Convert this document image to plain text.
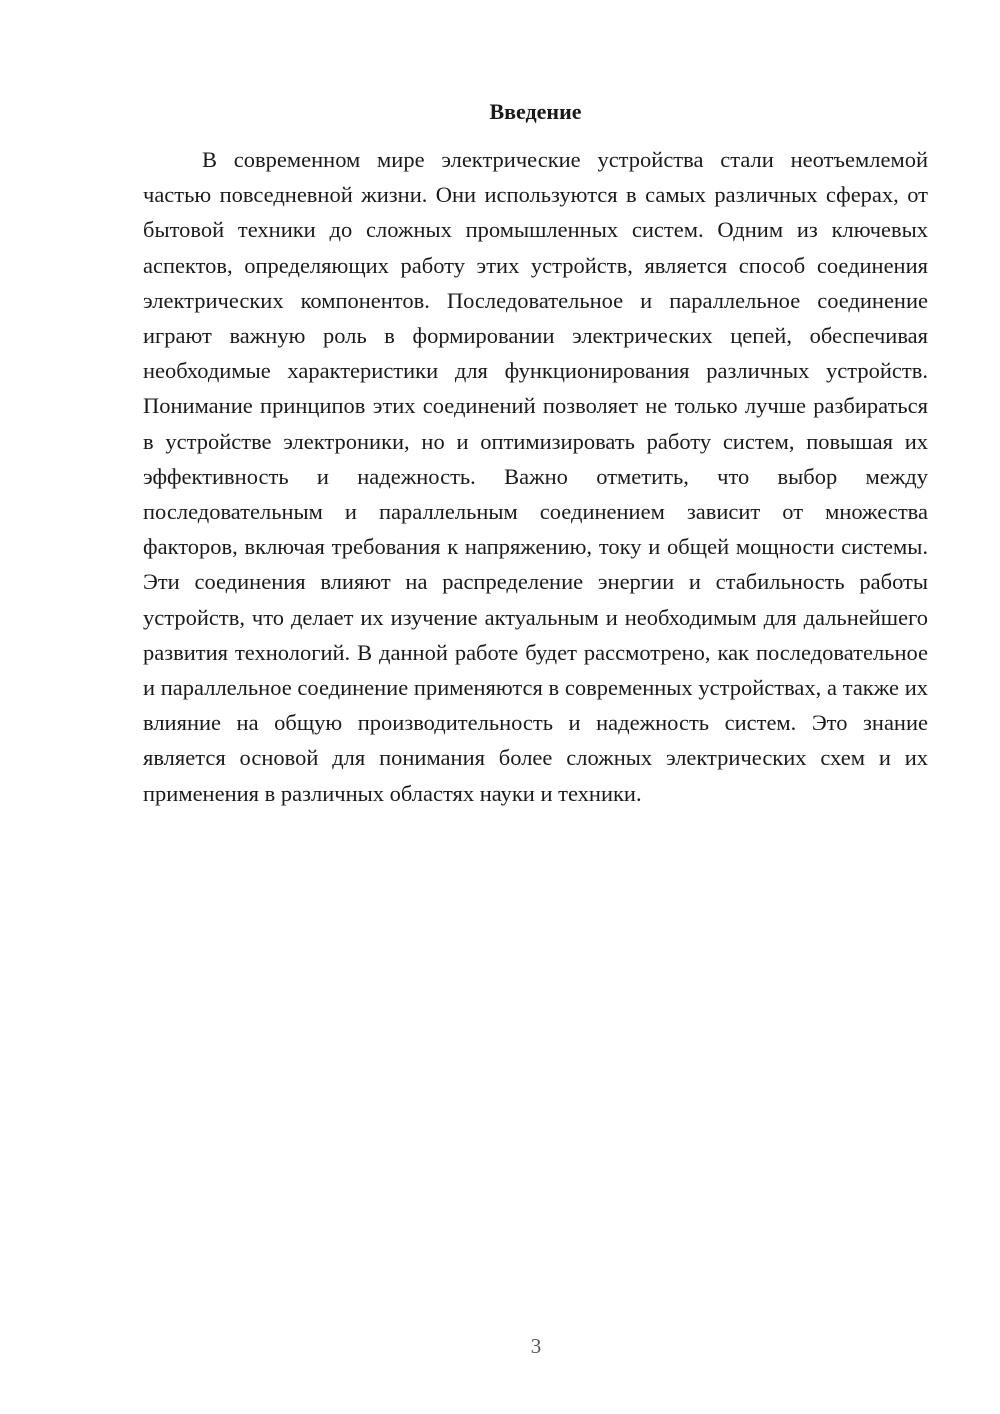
Введение

В современном мире электрические устройства стали неотъемлемой частью повседневной жизни. Они используются в самых различных сферах, от бытовой техники до сложных промышленных систем. Одним из ключевых аспектов, определяющих работу этих устройств, является способ соединения электрических компонентов. Последовательное и параллельное соединение играют важную роль в формировании электрических цепей, обеспечивая необходимые характеристики для функционирования различных устройств. Понимание принципов этих соединений позволяет не только лучше разбираться в устройстве электроники, но и оптимизировать работу систем, повышая их эффективность и надежность. Важно отметить, что выбор между последовательным и параллельным соединением зависит от множества факторов, включая требования к напряжению, току и общей мощности системы. Эти соединения влияют на распределение энергии и стабильность работы устройств, что делает их изучение актуальным и необходимым для дальнейшего развития технологий. В данной работе будет рассмотрено, как последовательное и параллельное соединение применяются в современных устройствах, а также их влияние на общую производительность и надежность систем. Это знание является основой для понимания более сложных электрических схем и их применения в различных областях науки и техники.

3
